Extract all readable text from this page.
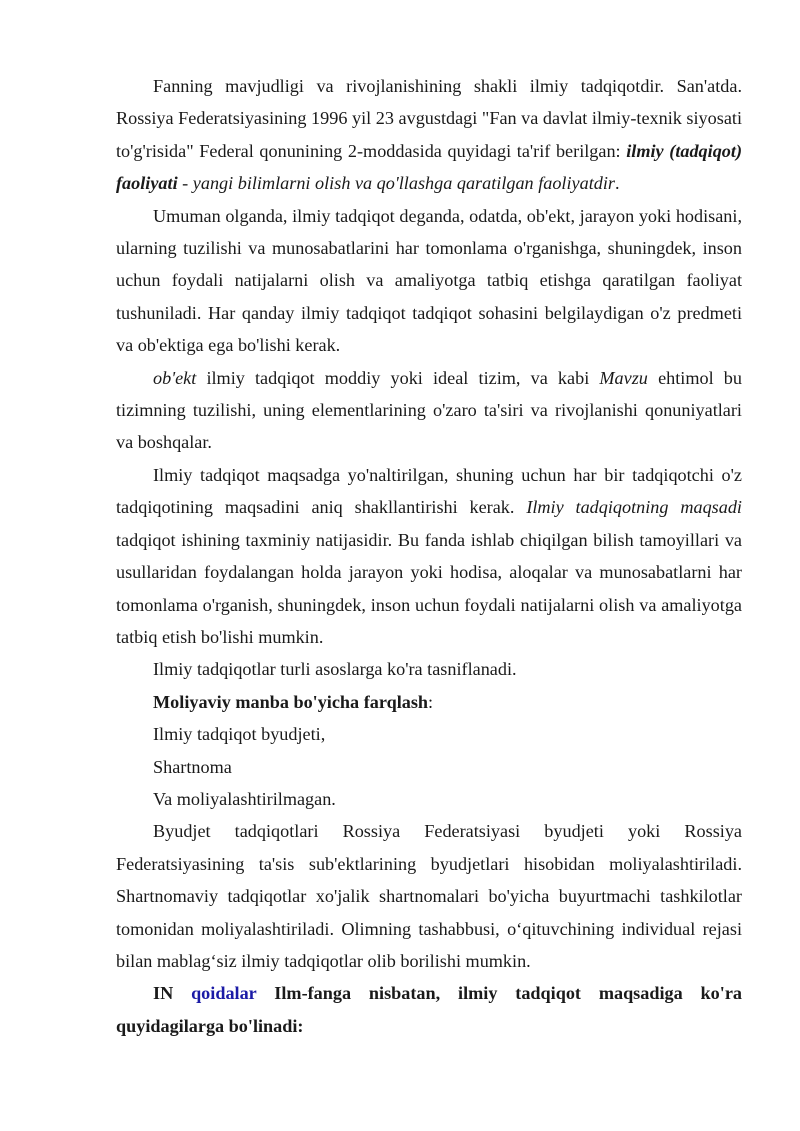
Fanning mavjudligi va rivojlanishining shakli ilmiy tadqiqotdir. San'atda. Rossiya Federatsiyasining 1996 yil 23 avgustdagi "Fan va davlat ilmiy-texnik siyosati to'g'risida" Federal qonunining 2-moddasida quyidagi ta'rif berilgan: ilmiy (tadqiqot) faoliyati - yangi bilimlarni olish va qo'llashga qaratilgan faoliyatdir.

Umuman olganda, ilmiy tadqiqot deganda, odatda, ob'ekt, jarayon yoki hodisani, ularning tuzilishi va munosabatlarini har tomonlama o'rganishga, shuningdek, inson uchun foydali natijalarni olish va amaliyotga tatbiq etishga qaratilgan faoliyat tushuniladi. Har qanday ilmiy tadqiqot tadqiqot sohasini belgilaydigan o'z predmeti va ob'ektiga ega bo'lishi kerak.

ob'ekt ilmiy tadqiqot moddiy yoki ideal tizim, va kabi Mavzu ehtimol bu tizimning tuzilishi, uning elementlarining o'zaro ta'siri va rivojlanishi qonuniyatlari va boshqalar.

Ilmiy tadqiqot maqsadga yo'naltirilgan, shuning uchun har bir tadqiqotchi o'z tadqiqotining maqsadini aniq shakllantirishi kerak. Ilmiy tadqiqotning maqsadi tadqiqot ishining taxminiy natijasidir. Bu fanda ishlab chiqilgan bilish tamoyillari va usullaridan foydalangan holda jarayon yoki hodisa, aloqalar va munosabatlarni har tomonlama o'rganish, shuningdek, inson uchun foydali natijalarni olish va amaliyotga tatbiq etish bo'lishi mumkin.

Ilmiy tadqiqotlar turli asoslarga ko'ra tasniflanadi.

Moliyaviy manba bo'yicha farqlash:

Ilmiy tadqiqot byudjeti,

Shartnoma

Va moliyalashtirilmagan.

Byudjet tadqiqotlari Rossiya Federatsiyasi byudjeti yoki Rossiya Federatsiyasining ta'sis sub'ektlarining byudjetlari hisobidan moliyalashtiriladi. Shartnomaviy tadqiqotlar xo'jalik shartnomalari bo'yicha buyurtmachi tashkilotlar tomonidan moliyalashtiriladi. Olimning tashabbusi, o‘qituvchining individual rejasi bilan mablag‘siz ilmiy tadqiqotlar olib borilishi mumkin.

IN qoidalar Ilm-fanga nisbatan, ilmiy tadqiqot maqsadiga ko'ra quyidagilarga bo'linadi:
